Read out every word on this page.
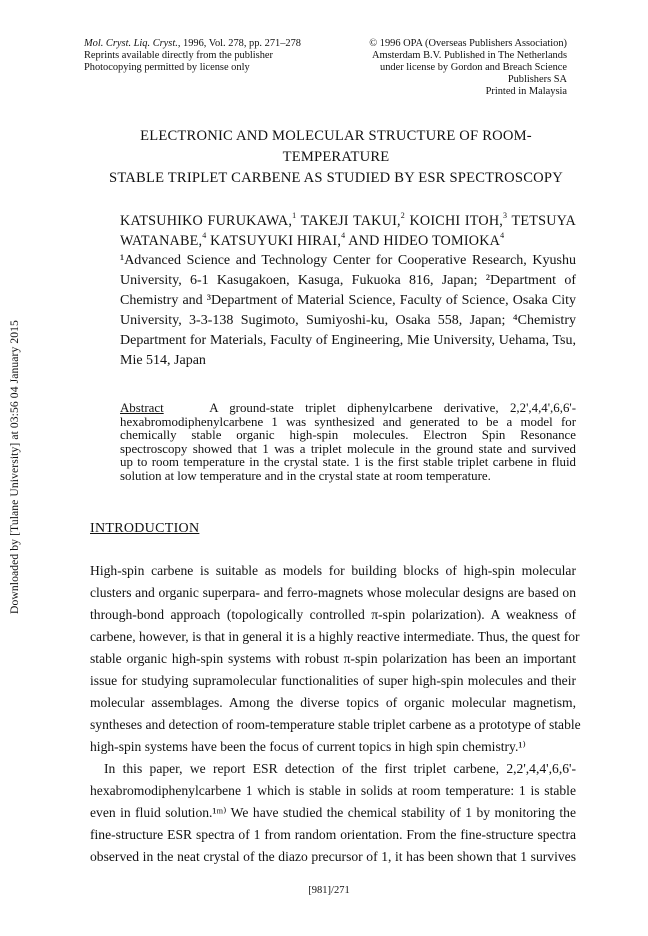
Downloaded by [Tulane University] at 03:56 04 January 2015
Mol. Cryst. Liq. Cryst., 1996, Vol. 278, pp. 271–278
Reprints available directly from the publisher
Photocopying permitted by license only
© 1996 OPA (Overseas Publishers Association)
Amsterdam B.V. Published in The Netherlands
under license by Gordon and Breach Science
Publishers SA
Printed in Malaysia
ELECTRONIC AND MOLECULAR STRUCTURE OF ROOM-TEMPERATURE
STABLE TRIPLET CARBENE AS STUDIED BY ESR SPECTROSCOPY
KATSUHIKO FURUKAWA,$^1$ TAKEJI TAKUI,$^2$ KOICHI ITOH,$^3$ TETSUYA
WATANABE,$^4$ KATSUYUKI HIRAI,$^4$ AND HIDEO TOMIOKA$^4$
¹Advanced Science and Technology Center for Cooperative Research, Kyushu
University, 6-1 Kasugakoen, Kasuga, Fukuoka 816, Japan; ²Department of
Chemistry and ³Department of Material Science, Faculty of Science, Osaka City
University, 3-3-138 Sugimoto, Sumiyoshi-ku, Osaka 558, Japan; ⁴Chemistry
Department for Materials, Faculty of Engineering, Mie University, Uehama, Tsu,
Mie 514, Japan
Abstract	A ground-state triplet diphenylcarbene derivative, 2,2',4,4',6,6'-
hexabromodiphenylcarbene 1 was synthesized and generated to be a model for
chemically stable organic high-spin molecules. Electron Spin Resonance
spectroscopy showed that 1 was a triplet molecule in the ground state and survived
up to room temperature in the crystal state. 1 is the first stable triplet carbene in fluid
solution at low temperature and in the crystal state at room temperature.
INTRODUCTION
High-spin carbene is suitable as models for building blocks of high-spin molecular
clusters and organic superpara- and ferro-magnets whose molecular designs are based on
through-bond approach (topologically controlled π-spin polarization). A weakness of
carbene, however, is that in general it is a highly reactive intermediate. Thus, the quest for
stable organic high-spin systems with robust π-spin polarization has been an important
issue for studying supramolecular functionalities of super high-spin molecules and their
molecular assemblages. Among the diverse topics of organic molecular magnetism,
syntheses and detection of room-temperature stable triplet carbene as a prototype of stable
high-spin systems have been the focus of current topics in high spin chemistry.¹⁾
In this paper, we report ESR detection of the first triplet carbene, 2,2',4,4',6,6'-
hexabromodiphenylcarbene 1 which is stable in solids at room temperature: 1 is stable
even in fluid solution.¹ᵐ⁾ We have studied the chemical stability of 1 by monitoring the
fine-structure ESR spectra of 1 from random orientation. From the fine-structure spectra
observed in the neat crystal of the diazo precursor of 1, it has been shown that 1 survives
[981]/271
